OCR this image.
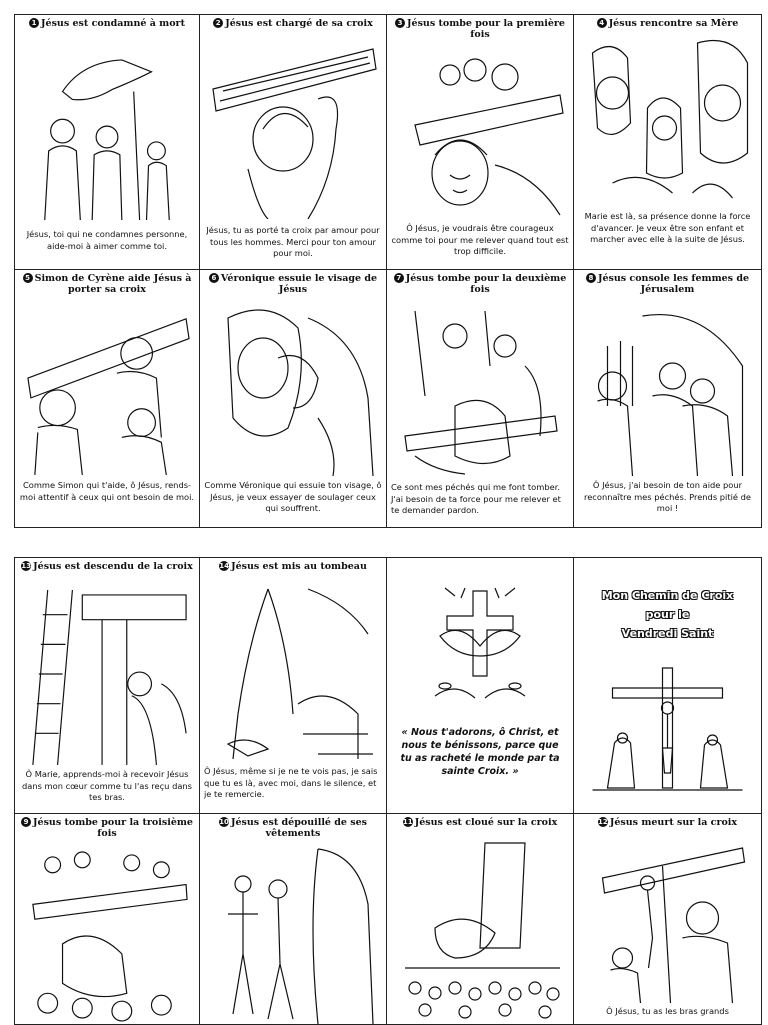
1 Jésus est condamné à mort
Jésus, toi qui ne condamnes personne, aide-moi à aimer comme toi.
2 Jésus est chargé de sa croix
Jésus, tu as porté ta croix par amour pour tous les hommes. Merci pour ton amour pour moi.
3 Jésus tombe pour la première fois
Ô Jésus, je voudrais être courageux comme toi pour me relever quand tout est trop difficile.
4 Jésus rencontre sa Mère
Marie est là, sa présence donne la force d'avancer. Je veux être son enfant et marcher avec elle à la suite de Jésus.
5 Simon de Cyrène aide Jésus à porter sa croix
Comme Simon qui t'aide, ô Jésus, rends-moi attentif à ceux qui ont besoin de moi.
6 Véronique essuie le visage de Jésus
Comme Véronique qui essuie ton visage, ô Jésus, je veux essayer de soulager ceux qui souffrent.
7 Jésus tombe pour la deuxième fois
Ce sont mes péchés qui me font tomber. J'ai besoin de ta force pour me relever et te demander pardon.
8 Jésus console les femmes de Jérusalem
Ô Jésus, j'ai besoin de ton aide pour reconnaître mes péchés. Prends pitié de moi !
13 Jésus est descendu de la croix
Ô Marie, apprends-moi à recevoir Jésus dans mon cœur comme tu l'as reçu dans tes bras.
14 Jésus est mis au tombeau
Ô Jésus, même si je ne te vois pas, je sais que tu es là, avec moi, dans le silence, et je te remercie.
« Nous t'adorons, ô Christ, et nous te bénissons, parce que tu as racheté le monde par ta sainte Croix. »
Mon Chemin de Croix
pour le
Vendredi Saint
9 Jésus tombe pour la troisième fois
10 Jésus est dépouillé de ses vêtements
11 Jésus est cloué sur la croix	12 Jésus meurt sur la croix
Ô Jésus, tu as les bras grands
